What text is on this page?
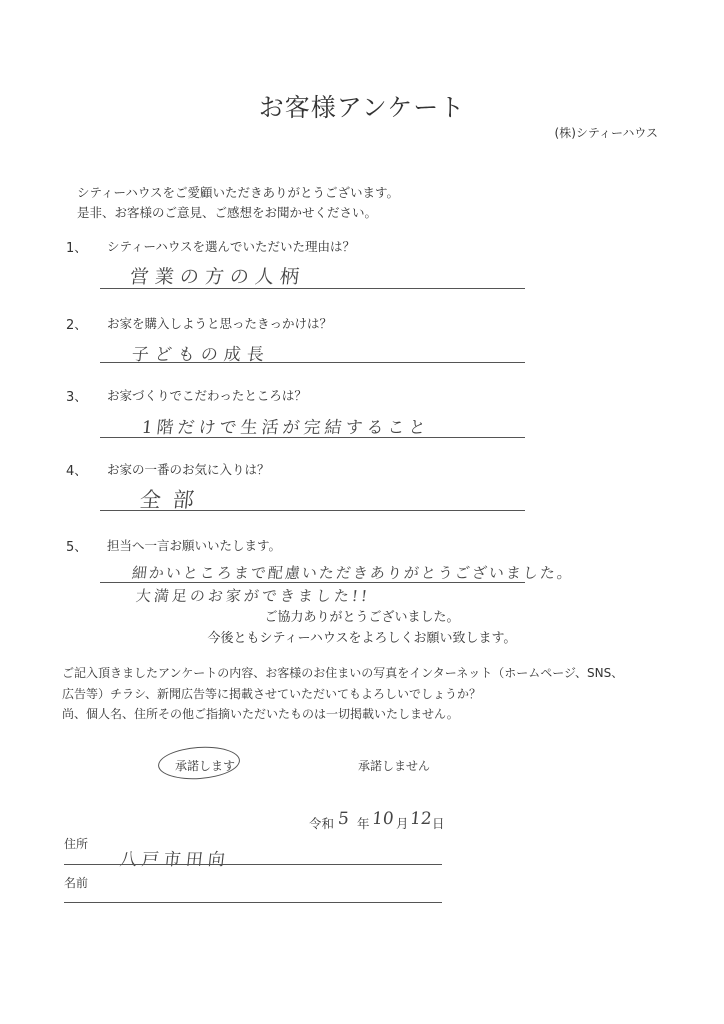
お客様アンケート
(株)シティーハウス
シティーハウスをご愛顧いただきありがとうございます。
是非、お客様のご意見、ご感想をお聞かせください。
1、 シティーハウスを選んでいただいた理由は？
営業の方の人柄
2、 お家を購入しようと思ったきっかけは？
子どもの成長
3、 お家づくりでこだわったところは？
1階だけで生活が完結すること
4、 お家の一番のお気に入りは？
全部
5、 担当へ一言お願いいたします。
細かいところまで配慮いただきありがとうございました。
大満足のお家ができました!!
ご協力ありがとうございました。
今後ともシティーハウスをよろしくお願い致します。
ご記入頂きましたアンケートの内容、お客様のお住まいの写真をインターネット（ホームページ、SNS、
広告等）チラシ、新聞広告等に掲載させていただいてもよろしいでしょうか？
尚、個人名、住所その他ご指摘いただいたものは一切掲載いたしません。
承諾します	承諾しません
令和 5 年 10 月 12 日
住所
八戸市田向
名前
